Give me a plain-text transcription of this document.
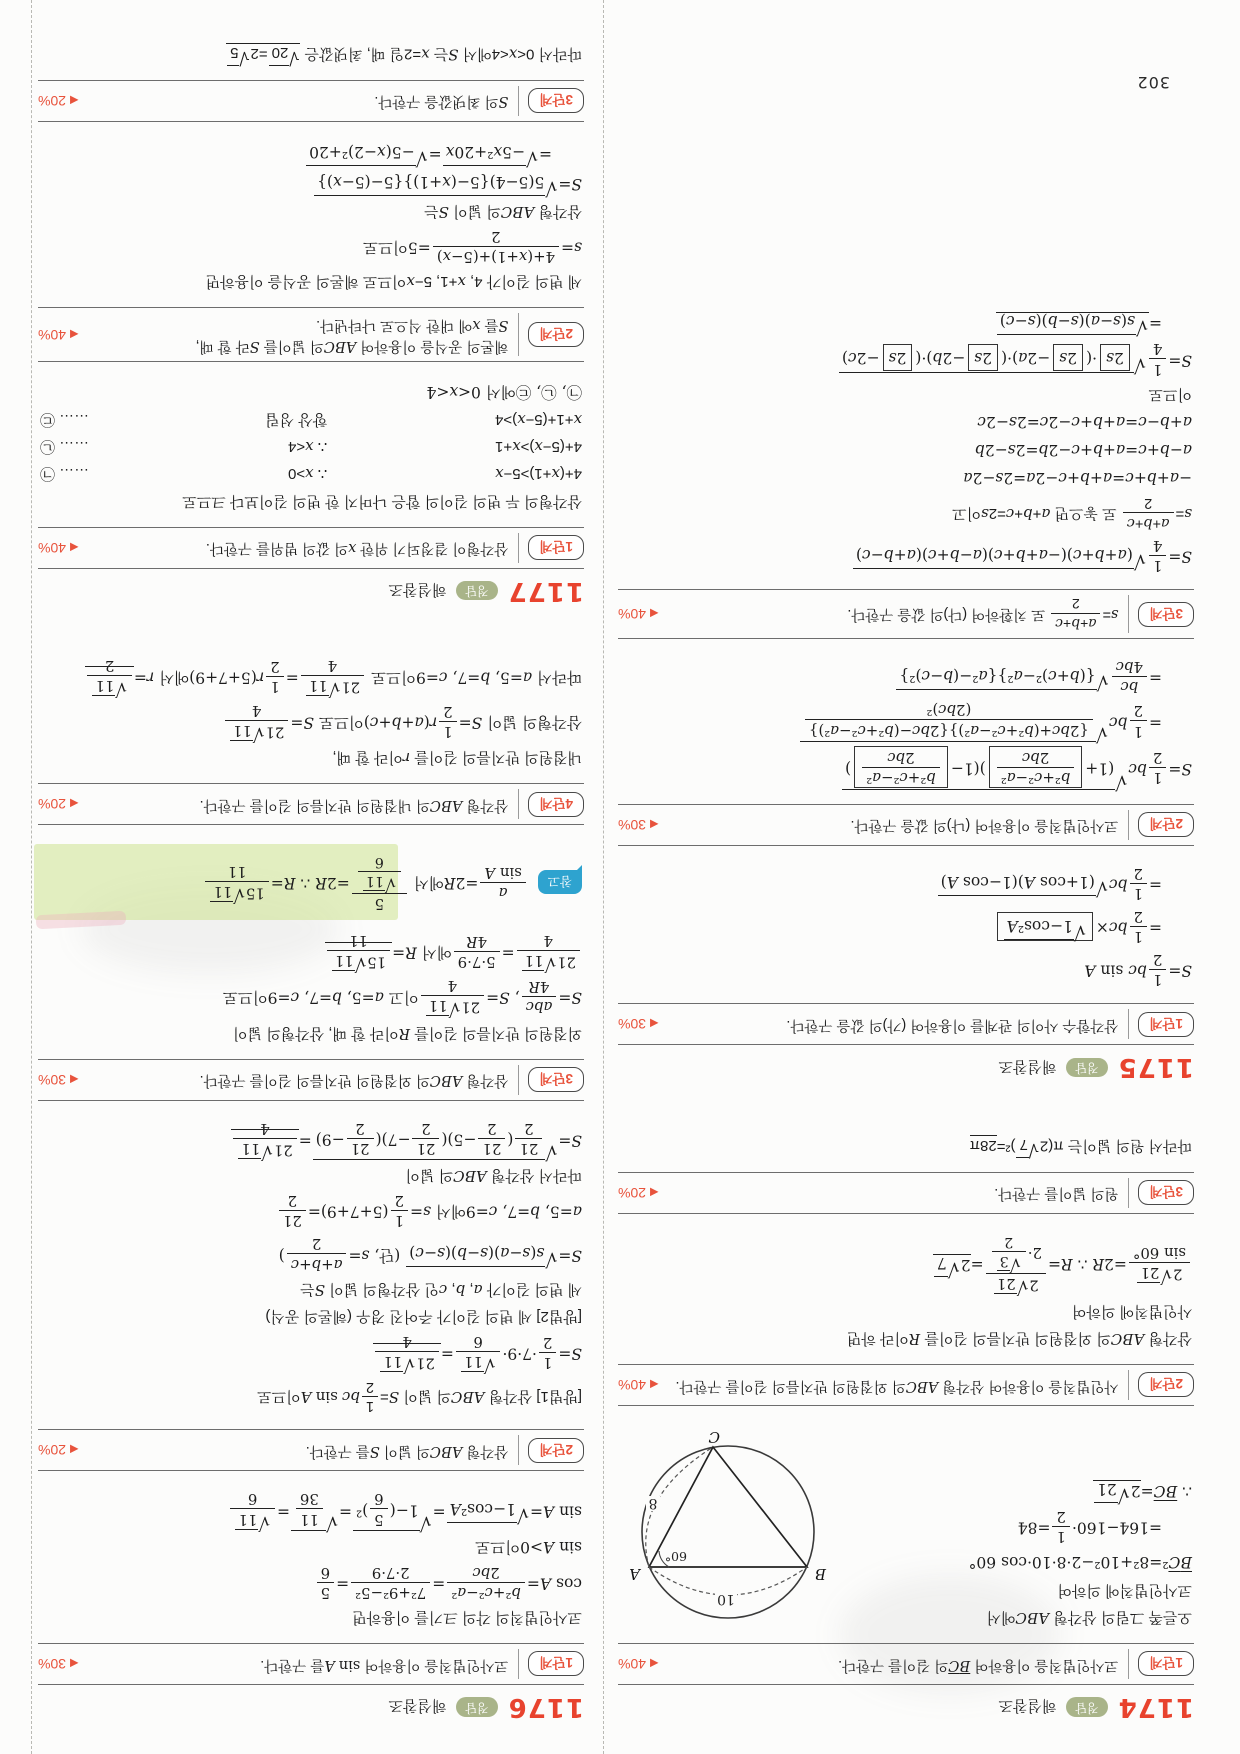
1174
정답
해설참조
1단계
코사인법칙을 이용하여 BC의 길이를 구한다.
◀40%
10
8
60°
A	B
C
오른쪽 그림의 삼각형 ABC에서
코사인법칙에 의하여
BC²=8²+10²−2·8·10·cos 60°
=164−160·
1
2
=84
∴ BC=2
√
21
2단계
사인법칙을 이용하여 삼각형 ABC의 외접원의 반지름의 길이를 구한다.
◀40%
삼각형 ABC의 외접원의 반지름의 길이를 R이라 하면
사인법칙에 의하여
2
√
21
sin 60°
=2R ∴ R=
2
√
21
2·
√
3
2
=2
√
7
3단계
원의 넓이를 구한다.
◀20%
따라서 원의 넓이는 π(2
√
7
)²=28π
1175
정답
해설참조
1단계
삼각함수 사이의 관계를 이용하여 (가)의 값을 구한다.
◀30%
S=
1
2
bc sin A
=
1
2
bc×
√
1−cos²A
=
1
2
bc
√
(1+cos A)(1−cos A)
2단계
코사인법칙을 이용하여 (나)의 값을 구한다.
◀30%
S=
1
2
bc
√
(1+
b²+c²−a²
2bc
)(1−
b²+c²−a²
2bc
)
=
1
2
bc
√
{2bc+(b²+c²−a²)}{2bc−(b²+c²−a²)}
(2bc)²
=
bc
4bc
√
{(b+c)²−a²}{a²−(b−c)²}
3단계
s=
a+b+c
2
로 치환하여 (다)의 값을 구한다.
◀40%
S=
1
4
√
(a+b+c)(−a+b+c)(a−b+c)(a+b−c)
s=
a+b+c
2
로 놓으면 a+b+c=2s이고
−a+b+c=a+b+c−2a=2s−2a
a−b+c=a+b+c−2b=2s−2b
a+b−c=a+b+c−2c=2s−2c
이므로
S=
1
4
√
2s·(2s−2a)·(2s−2b)·(2s−2c)
=
√
s(s−a)(s−b)(s−c)
1176
정답
해설참조
1단계
코사인법칙을 이용하여 sin A를 구한다.
◀30%
코사인법칙의 각의 크기를 이용하면
cos A=
b²+c²−a²
2bc
=
7²+9²−5²
2·7·9
=
5
6
sin A>0이므로
sin A=
√
1−cos²A
=
√
1−(
5
6
)²
=
√
11
36
=
√
11
6
2단계
삼각형 ABC의 넓이 S를 구한다.
◀20%
[방법1] 삼각형 ABC의 넓이 S=
1
2
bc sin A이므로
S=
1
2
·7·9·
√
11
6
=
21
√
11
4
[방법2] 세 변의 길이가 주어진 경우 (헤론의 공식)
세 변의 길이가 a, b, c인 삼각형의 넓이 S는
S=
√
s(s−a)(s−b)(s−c)
(단, s=
a+b+c
2
)
a=5, b=7, c=9에서 s=
1
2
(5+7+9)=
21
2
따라서 삼각형 ABC의 넓이
S=
√
21
2
(
21
2
−5)(
21
2
−7)(
21
2
−9)
=
21
√
11
4
3단계
삼각형 ABC의 외접원의 반지름의 길이를 구한다.
◀30%
외접원의 반지름의 길이를 R이라 할 때, 삼각형의 넓이
S=
abc
4R
, S=
21
√
11
4
이고 a=5, b=7, c=9이므로
21
√
11
4
=
5·7·9
4R
에서 R=
15
√
11
11
참고
a
sin A
=2R에서
5
√
11
6
=2R ∴ R=
15
√
11
11
4단계
삼각형 ABC의 내접원의 반지름의 길이를 구한다.
◀20%
내접원의 반지름의 길이를 r이라 할 때,
삼각형의 넓이 S=
1
2
r(a+b+c)이므로 S=
21
√
11
4
따라서 a=5, b=7, c=9이므로
21
√
11
4
=
1
2
r(5+7+9)에서 r=
√
11
2
1177
정답
해설참조
1단계
삼각형이 결정되기 위한 x의 값의 범위를 구한다.
◀40%
삼각형의 두 변의 길이의 합은 나머지 한 변의 길이보다 크므로
4+(x+1)>5−x
∴ x>0
…… ㉠
4+(5−x)>x+1
∴ x<4
…… ㉡
x+1+(5−x)>4
항상 성립
…… ㉢
㉠, ㉡, ㉢에서 0<x<4
2단계
헤론의 공식을 이용하여 ABC의 넓이를 S라 할 때,
S를 x에 대한 식으로 나타낸다.
◀40%
세 변의 길이가 4, x+1, 5−x이므로 헤론의 공식을 이용하면
s=
4+(x+1)+(5−x)
2
=5이므로
삼각형 ABC의 넓이 S는
S=
√
5(5−4){5−(x+1)}{5−(5−x)}
=
√
−5x²+20x
=
√
−5(x−2)²+20
3단계
S의 최댓값을 구한다.
◀20%
따라서 0<x<4에서 S는 x=2일 때, 최댓값은
√
20
=2
√
5
302
